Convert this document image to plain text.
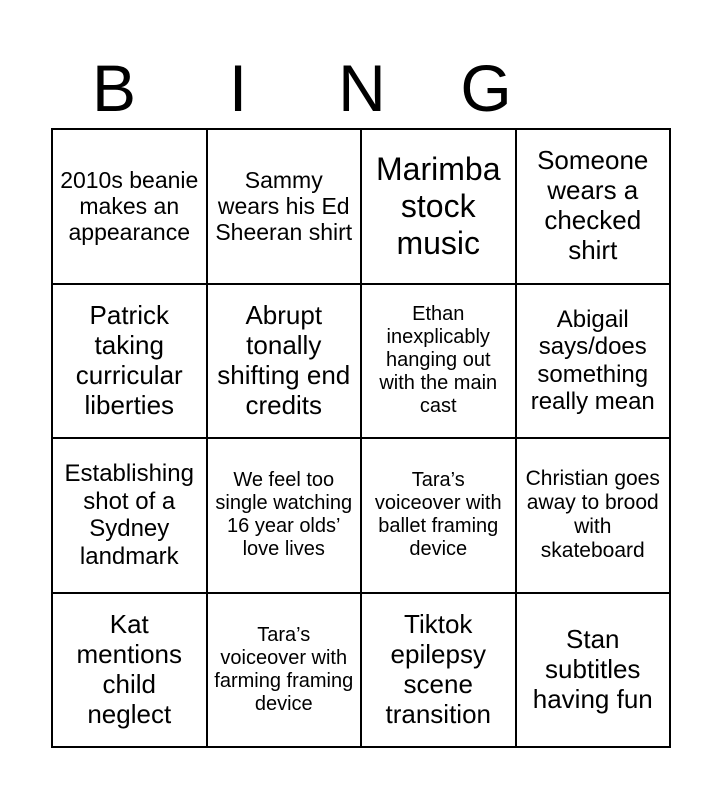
B	I	N	G
2010s beanie makes an appearance
Sammy wears his Ed Sheeran shirt
Marimba stock music
Someone wears a checked shirt
Patrick taking curricular liberties
Abrupt tonally shifting end credits
Ethan inexplicably hanging out with the main cast
Abigail says/does something really mean
Establishing shot of a Sydney landmark
We feel too single watching 16 year olds’ love lives
Tara’s voiceover with ballet framing device
Christian goes away to brood with skateboard
Kat mentions child neglect
Tara’s voiceover with farming framing device
Tiktok epilepsy scene transition
Stan subtitles having fun
